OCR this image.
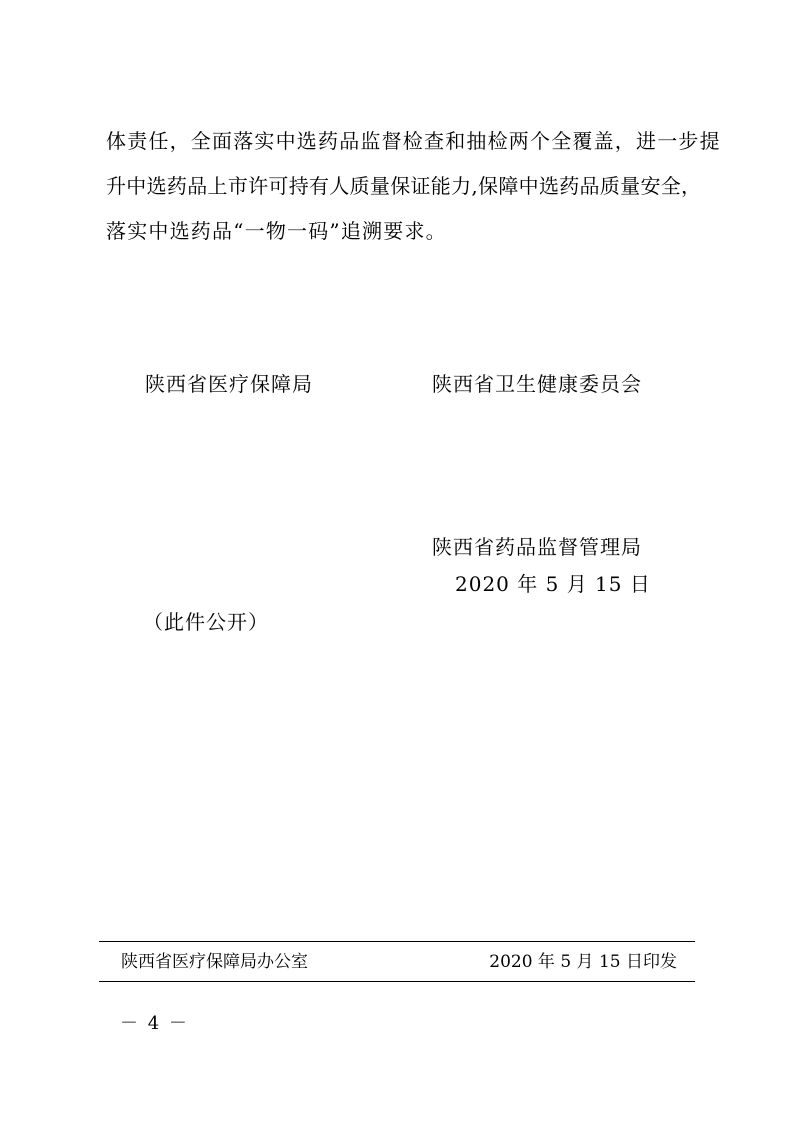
体责任，全面落实中选药品监督检查和抽检两个全覆盖，进一步提
升中选药品上市许可持有人质量保证能力,保障中选药品质量安全，
落实中选药品“一物一码”追溯要求。
陕西省医疗保障局	陕西省卫生健康委员会
陕西省药品监督管理局
2020 年 5 月 15 日
（此件公开）
陕西省医疗保障局办公室	2020 年 5 月 15 日印发
－ 4 －
